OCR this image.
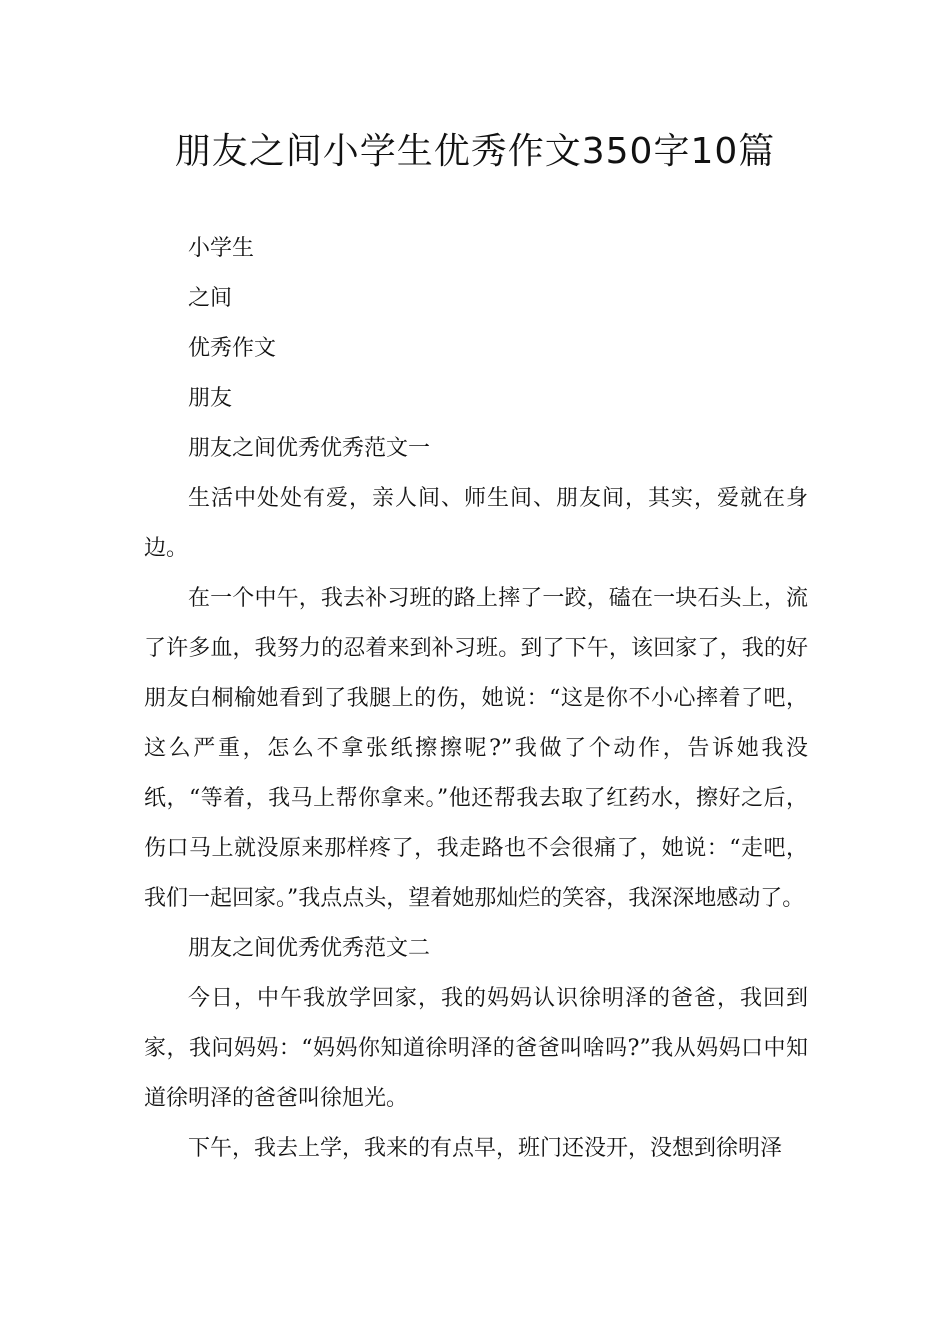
朋友之间小学生优秀作文350字10篇

小学生

之间

优秀作文

朋友

朋友之间优秀优秀范文一

生活中处处有爱，亲人间、师生间、朋友间，其实，爱就在身边。

在一个中午，我去补习班的路上摔了一跤，磕在一块石头上，流了许多血，我努力的忍着来到补习班。到了下午，该回家了，我的好朋友白桐榆她看到了我腿上的伤，她说：“这是你不小心摔着了吧，这么严重，怎么不拿张纸擦擦呢?”我做了个动作，告诉她我没纸，“等着，我马上帮你拿来。”他还帮我去取了红药水，擦好之后，伤口马上就没原来那样疼了，我走路也不会很痛了，她说：“走吧，我们一起回家。”我点点头，望着她那灿烂的笑容，我深深地感动了。

朋友之间优秀优秀范文二

今日，中午我放学回家，我的妈妈认识徐明泽的爸爸，我回到家，我问妈妈：“妈妈你知道徐明泽的爸爸叫啥吗?”我从妈妈口中知道徐明泽的爸爸叫徐旭光。

下午，我去上学，我来的有点早，班门还没开，没想到徐明泽
